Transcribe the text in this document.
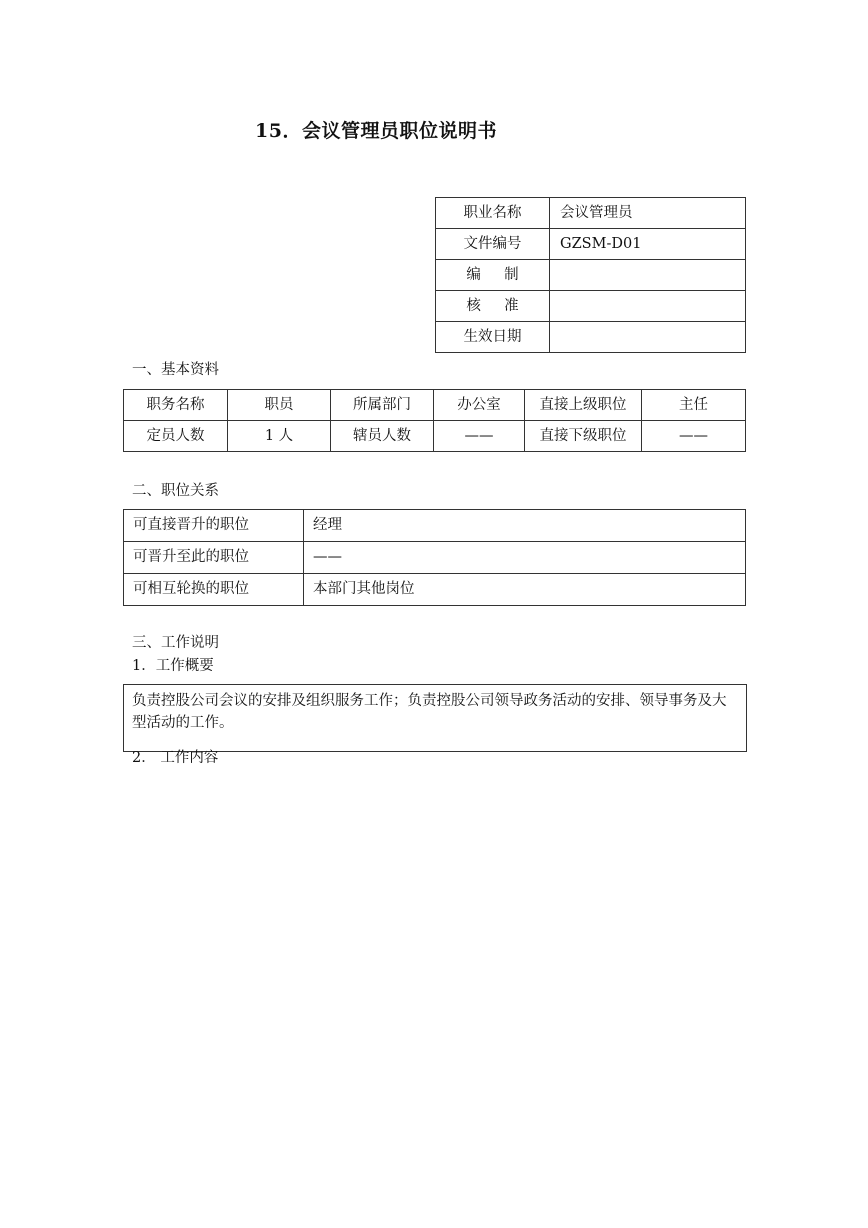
15．会议管理员职位说明书
职业名称	会议管理员
文件编号	GZSM-D01
编制	
核准	
生效日期	
一、基本资料
职务名称	职员	所属部门	办公室	直接上级职位	主任
定员人数	1 人	辖员人数	——	直接下级职位	——
二、职位关系
可直接晋升的职位	经理
可晋升至此的职位	——
可相互轮换的职位	本部门其他岗位
三、工作说明
1．工作概要
负责控股公司会议的安排及组织服务工作；负责控股公司领导政务活动的安排、领导事务及大型活动的工作。
2． 工作内容
